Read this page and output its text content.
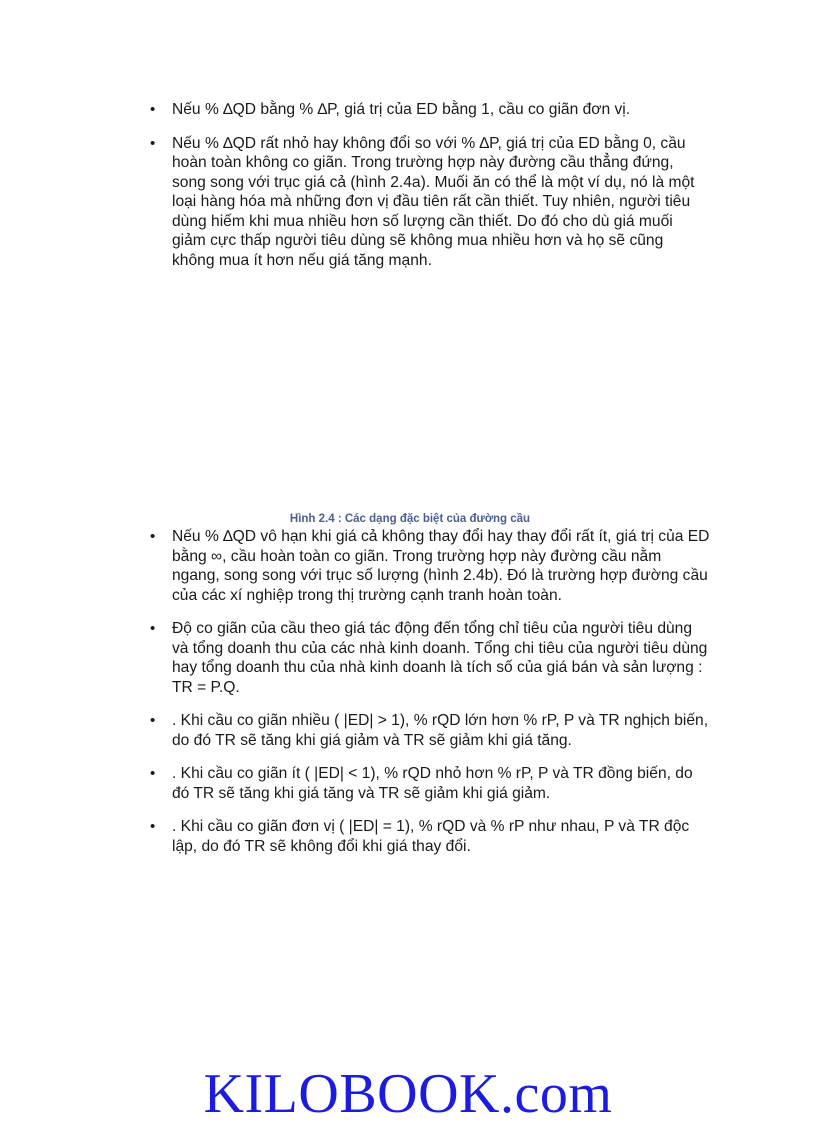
• Nếu % ∆QD bằng % ∆P, giá trị của ED bằng 1, cầu co giãn đơn vị.
• Nếu % ∆QD rất nhỏ hay không đổi so với % ∆P, giá trị của ED bằng 0, cầu hoàn toàn không co giãn. Trong trường hợp này đường cầu thẳng đứng, song song với trục giá cả (hình 2.4a). Muối ăn có thể là một ví dụ, nó là một loại hàng hóa mà những đơn vị đầu tiên rất cần thiết. Tuy nhiên, người tiêu dùng hiếm khi mua nhiều hơn số lượng cần thiết. Do đó cho dù giá muối giảm cực thấp người tiêu dùng sẽ không mua nhiều hơn và họ sẽ cũng không mua ít hơn nếu giá tăng mạnh.
Hình 2.4 : Các dạng đặc biệt của đường cầu
• Nếu % ∆QD vô hạn khi giá cả không thay đổi hay thay đổi rất ít, giá trị của ED bằng ∞, cầu hoàn toàn co giãn. Trong trường hợp này đường cầu nằm ngang, song song với trục số lượng (hình 2.4b). Đó là trường hợp đường cầu của các xí nghiệp trong thị trường cạnh tranh hoàn toàn.
• Độ co giãn của cầu theo giá tác động đến tổng chỉ tiêu của người tiêu dùng và tổng doanh thu của các nhà kinh doanh. Tổng chi tiêu của người tiêu dùng hay tổng doanh thu của nhà kinh doanh là tích số của giá bán và sản lượng : TR = P.Q.
• . Khi cầu co giãn nhiều ( |ED| > 1), % rQD lớn hơn % rP, P và TR nghịch biến, do đó TR sẽ tăng khi giá giảm và TR sẽ giảm khi giá tăng.
• . Khi cầu co giãn ít ( |ED| < 1), % rQD nhỏ hơn % rP, P và TR đồng biến, do đó TR sẽ tăng khi giá tăng và TR sẽ giảm khi giá giảm.
• . Khi cầu co giãn đơn vị ( |ED| = 1), % rQD và % rP như nhau, P và TR độc lập, do đó TR sẽ không đổi khi giá thay đổi.
KILOBOOK.com
